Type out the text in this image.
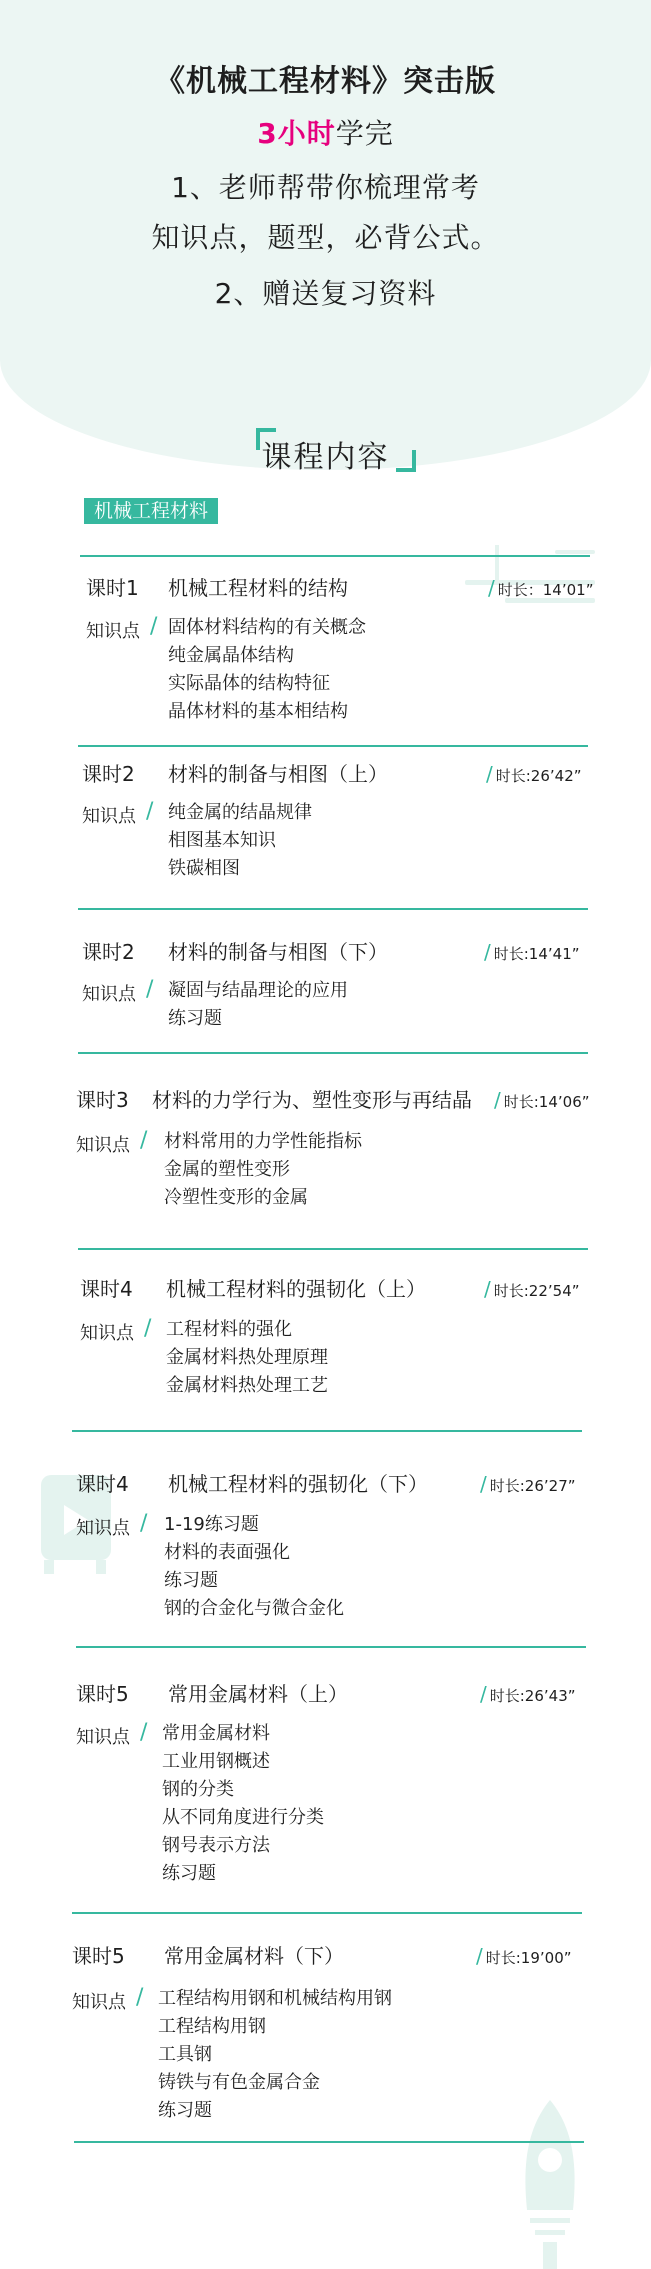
《机械工程材料》突击版
3小时学完
1、老师帮带你梳理常考
知识点，题型，必背公式。
2、赠送复习资料
课程内容
机械工程材料
课时1 机械工程材料的结构	/ 时长：14’01”
知识点 / 固体材料结构的有关概念
纯金属晶体结构
实际晶体的结构特征
晶体材料的基本相结构
课时2 材料的制备与相图（上）	/ 时长:26’42”
知识点 / 纯金属的结晶规律
相图基本知识
铁碳相图
课时2 材料的制备与相图（下）	/ 时长:14’41”
知识点 / 凝固与结晶理论的应用
练习题
课时3 材料的力学行为、塑性变形与再结晶 / 时长:14’06”
知识点 / 材料常用的力学性能指标
金属的塑性变形
冷塑性变形的金属
课时4 机械工程材料的强韧化（上）	/ 时长:22’54”
知识点 / 工程材料的强化
金属材料热处理原理
金属材料热处理工艺
课时4 机械工程材料的强韧化（下）	/ 时长:26’27”
知识点 / 1-19练习题
材料的表面强化
练习题
钢的合金化与微合金化
课时5 常用金属材料（上）	/ 时长:26’43”
知识点 / 常用金属材料
工业用钢概述
钢的分类
从不同角度进行分类
钢号表示方法
练习题
课时5 常用金属材料（下）	/ 时长:19’00”
知识点 / 工程结构用钢和机械结构用钢
工程结构用钢
工具钢
铸铁与有色金属合金
练习题
